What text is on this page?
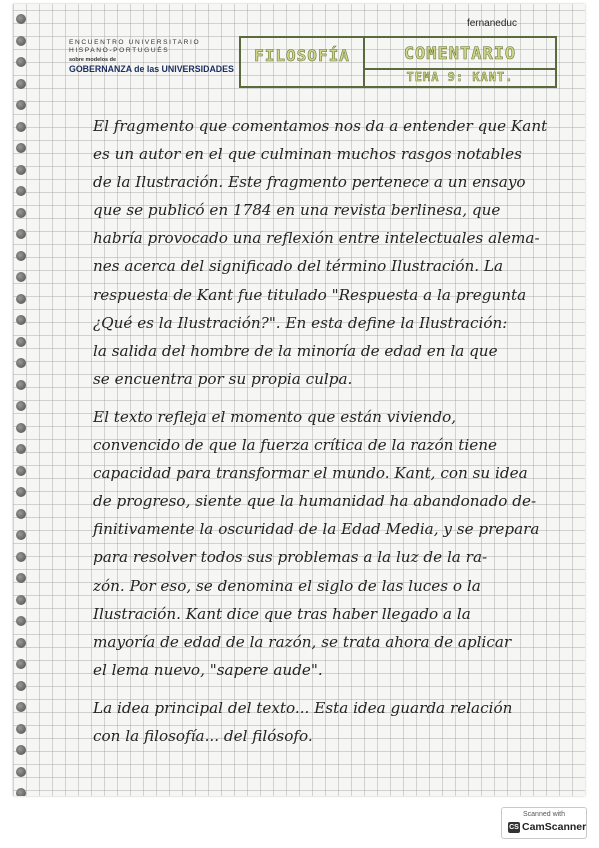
fernaneduc
ENCUENTRO UNIVERSITARIO
HISPANO-PORTUGUÉS
sobre modelos de
GOBERNANZA de las UNIVERSIDADES
FILOSOFÍA	COMENTARIO
TEMA 9: KANT.
El fragmento que comentamos nos da a entender que Kant
es un autor en el que culminan muchos rasgos notables
de la Ilustración. Este fragmento pertenece a un ensayo
que se publicó en 1784 en una revista berlinesa, que
habría provocado una reflexión entre intelectuales alema-
nes acerca del significado del término Ilustración. La
respuesta de Kant fue titulado "Respuesta a la pregunta
¿Qué es la Ilustración?". En esta define la Ilustración:
la salida del hombre de la minoría de edad en la que
se encuentra por su propia culpa.
El texto refleja el momento que están viviendo,
convencido de que la fuerza crítica de la razón tiene
capacidad para transformar el mundo. Kant, con su idea
de progreso, siente que la humanidad ha abandonado de-
finitivamente la oscuridad de la Edad Media, y se prepara
para resolver todos sus problemas a la luz de la ra-
zón. Por eso, se denomina el siglo de las luces o la
Ilustración. Kant dice que tras haber llegado a la
mayoría de edad de la razón, se trata ahora de aplicar
el lema nuevo, "sapere aude".
La idea principal del texto... Esta idea guarda relación
con la filosofía... del filósofo.
Scanned with
CS CamScanner
